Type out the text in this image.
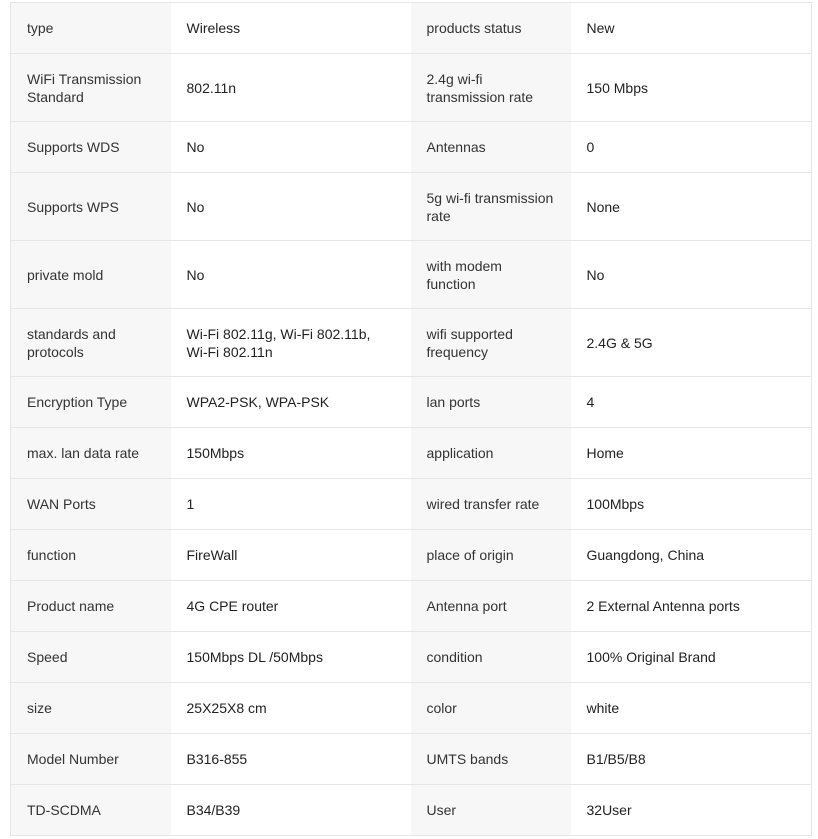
type	Wireless	products status	New
WiFi Transmission Standard	802.11n	2.4g wi-fi transmission rate	150 Mbps
Supports WDS	No	Antennas	0
Supports WPS	No	5g wi-fi transmission rate	None
private mold	No	with modem function	No
standards and protocols	Wi-Fi 802.11g, Wi-Fi 802.11b, Wi-Fi 802.11n	wifi supported frequency	2.4G & 5G
Encryption Type	WPA2-PSK, WPA-PSK	lan ports	4
max. lan data rate	150Mbps	application	Home
WAN Ports	1	wired transfer rate	100Mbps
function	FireWall	place of origin	Guangdong, China
Product name	4G CPE router	Antenna port	2 External Antenna ports
Speed	150Mbps DL /50Mbps	condition	100% Original Brand
size	25X25X8 cm	color	white
Model Number	B316-855	UMTS bands	B1/B5/B8
TD-SCDMA	B34/B39	User	32User
